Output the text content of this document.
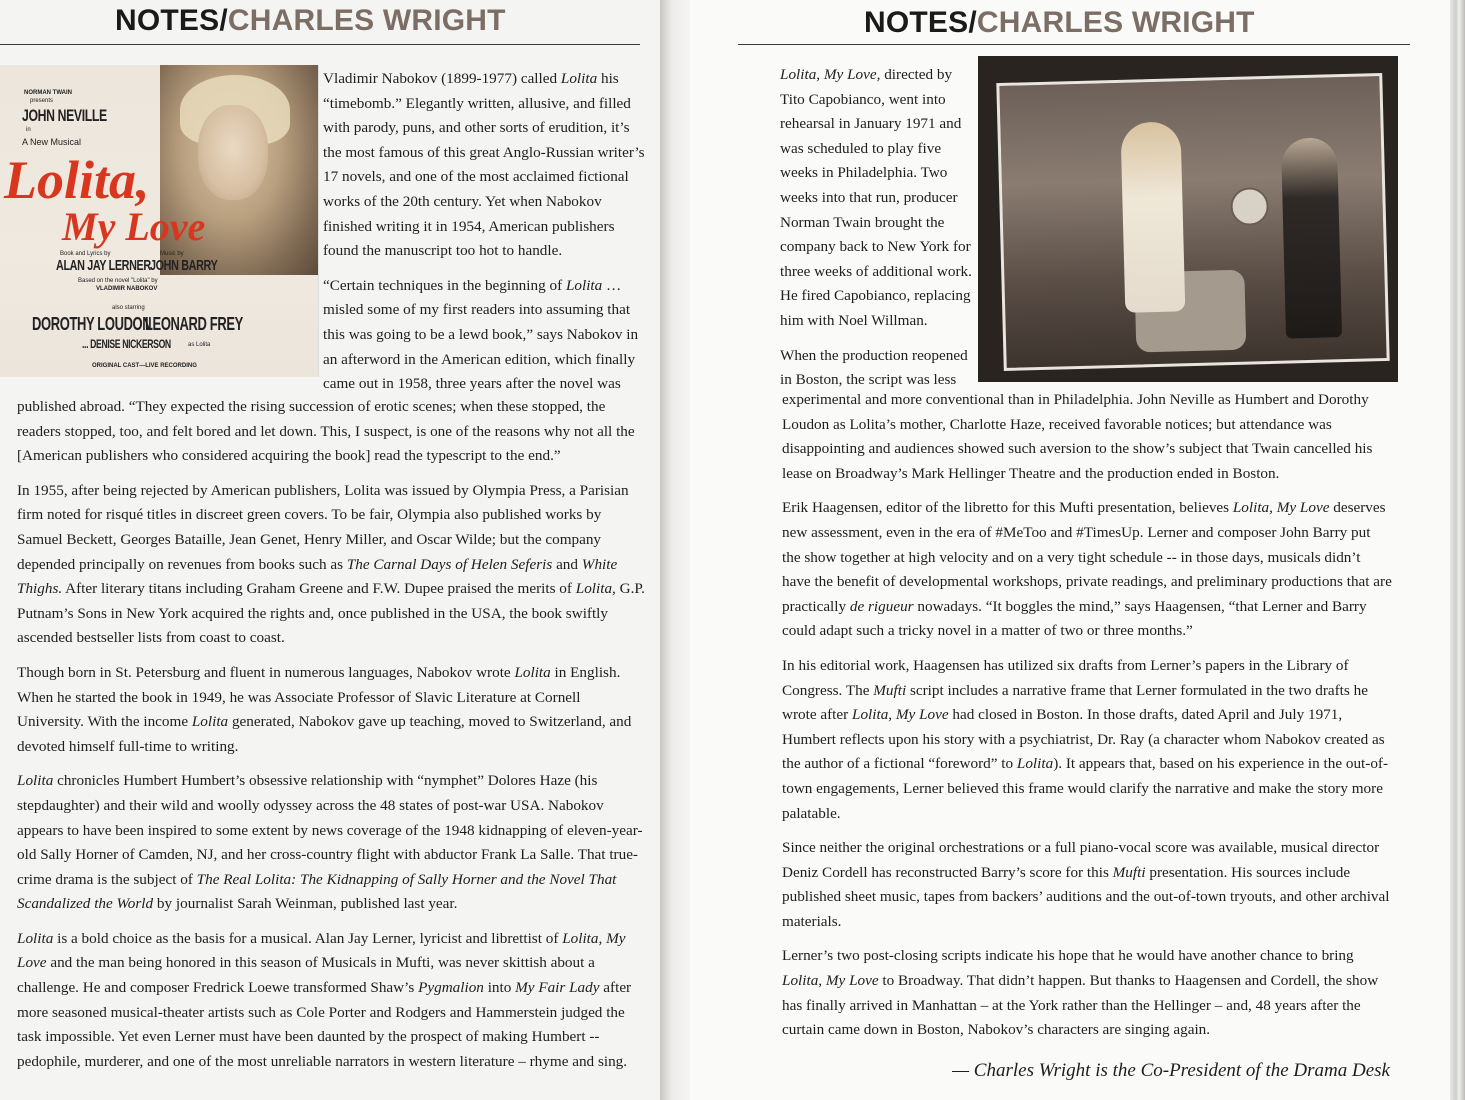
NOTES/CHARLES WRIGHT
NORMAN TWAIN
presents
JOHN NEVILLE
in
A New Musical
Lolita,
My Love
Book and Lyrics by	Music by
ALAN JAY LERNER JOHN BARRY
Based on the novel "Lolita" by
VLADIMIR NABOKOV
also starring
DOROTHY LOUDON
LEONARD FREY
... DENISE NICKERSON	as Lolita
ORIGINAL CAST—LIVE RECORDING

Vladimir Nabokov (1899-1977) called Lolita his “timebomb.” Elegantly written, allusive, and filled with parody, puns, and other sorts of erudition, it’s the most famous of this great Anglo-Russian writer’s 17 novels, and one of the most acclaimed fictional works of the 20th century. Yet when Nabokov finished writing it in 1954, American publishers found the manuscript too hot to handle.

“Certain techniques in the beginning of Lolita … misled some of my first readers into assuming that this was going to be a lewd book,” says Nabokov in an afterword in the American edition, which finally came out in 1958, three years after the novel was

published abroad. “They expected the rising succession of erotic scenes; when these stopped, the readers stopped, too, and felt bored and let down. This, I suspect, is one of the reasons why not all the [American publishers who considered acquiring the book] read the typescript to the end.”

In 1955, after being rejected by American publishers, Lolita was issued by Olympia Press, a Parisian firm noted for risqué titles in discreet green covers. To be fair, Olympia also published works by Samuel Beckett, Georges Bataille, Jean Genet, Henry Miller, and Oscar Wilde; but the company depended principally on revenues from books such as The Carnal Days of Helen Seferis and White Thighs. After literary titans including Graham Greene and F.W. Dupee praised the merits of Lolita, G.P. Putnam’s Sons in New York acquired the rights and, once published in the USA, the book swiftly ascended bestseller lists from coast to coast.

Though born in St. Petersburg and fluent in numerous languages, Nabokov wrote Lolita in English. When he started the book in 1949, he was Associate Professor of Slavic Literature at Cornell University. With the income Lolita generated, Nabokov gave up teaching, moved to Switzerland, and devoted himself full-time to writing.

Lolita chronicles Humbert Humbert’s obsessive relationship with “nymphet” Dolores Haze (his stepdaughter) and their wild and woolly odyssey across the 48 states of post-war USA. Nabokov appears to have been inspired to some extent by news coverage of the 1948 kidnapping of eleven-year-old Sally Horner of Camden, NJ, and her cross-country flight with abductor Frank La Salle. That true-crime drama is the subject of The Real Lolita: The Kidnapping of Sally Horner and the Novel That Scandalized the World by journalist Sarah Weinman, published last year.

Lolita is a bold choice as the basis for a musical. Alan Jay Lerner, lyricist and librettist of Lolita, My Love and the man being honored in this season of Musicals in Mufti, was never skittish about a challenge. He and composer Fredrick Loewe transformed Shaw’s Pygmalion into My Fair Lady after more seasoned musical-theater artists such as Cole Porter and Rodgers and Hammerstein judged the task impossible. Yet even Lerner must have been daunted by the prospect of making Humbert -- pedophile, murderer, and one of the most unreliable narrators in western literature – rhyme and sing.

NOTES/CHARLES WRIGHT

Lolita, My Love, directed by Tito Capobianco, went into rehearsal in January 1971 and was scheduled to play five weeks in Philadelphia. Two weeks into that run, producer Norman Twain brought the company back to New York for three weeks of additional work. He fired Capobianco, replacing him with Noel Willman.

When the production reopened in Boston, the script was less

experimental and more conventional than in Philadelphia. John Neville as Humbert and Dorothy Loudon as Lolita’s mother, Charlotte Haze, received favorable notices; but attendance was disappointing and audiences showed such aversion to the show’s subject that Twain cancelled his lease on Broadway’s Mark Hellinger Theatre and the production ended in Boston.

Erik Haagensen, editor of the libretto for this Mufti presentation, believes Lolita, My Love deserves new assessment, even in the era of #MeToo and #TimesUp. Lerner and composer John Barry put the show together at high velocity and on a very tight schedule -- in those days, musicals didn’t have the benefit of developmental workshops, private readings, and preliminary productions that are practically de rigueur nowadays. “It boggles the mind,” says Haagensen, “that Lerner and Barry could adapt such a tricky novel in a matter of two or three months.”

In his editorial work, Haagensen has utilized six drafts from Lerner’s papers in the Library of Congress. The Mufti script includes a narrative frame that Lerner formulated in the two drafts he wrote after Lolita, My Love had closed in Boston. In those drafts, dated April and July 1971, Humbert reflects upon his story with a psychiatrist, Dr. Ray (a character whom Nabokov created as the author of a fictional “foreword” to Lolita). It appears that, based on his experience in the out-of-town engagements, Lerner believed this frame would clarify the narrative and make the story more palatable.

Since neither the original orchestrations or a full piano-vocal score was available, musical director Deniz Cordell has reconstructed Barry’s score for this Mufti presentation. His sources include published sheet music, tapes from backers’ auditions and the out-of-town tryouts, and other archival materials.

Lerner’s two post-closing scripts indicate his hope that he would have another chance to bring Lolita, My Love to Broadway. That didn’t happen. But thanks to Haagensen and Cordell, the show has finally arrived in Manhattan – at the York rather than the Hellinger – and, 48 years after the curtain came down in Boston, Nabokov’s characters are singing again.

— Charles Wright is the Co-President of the Drama Desk
